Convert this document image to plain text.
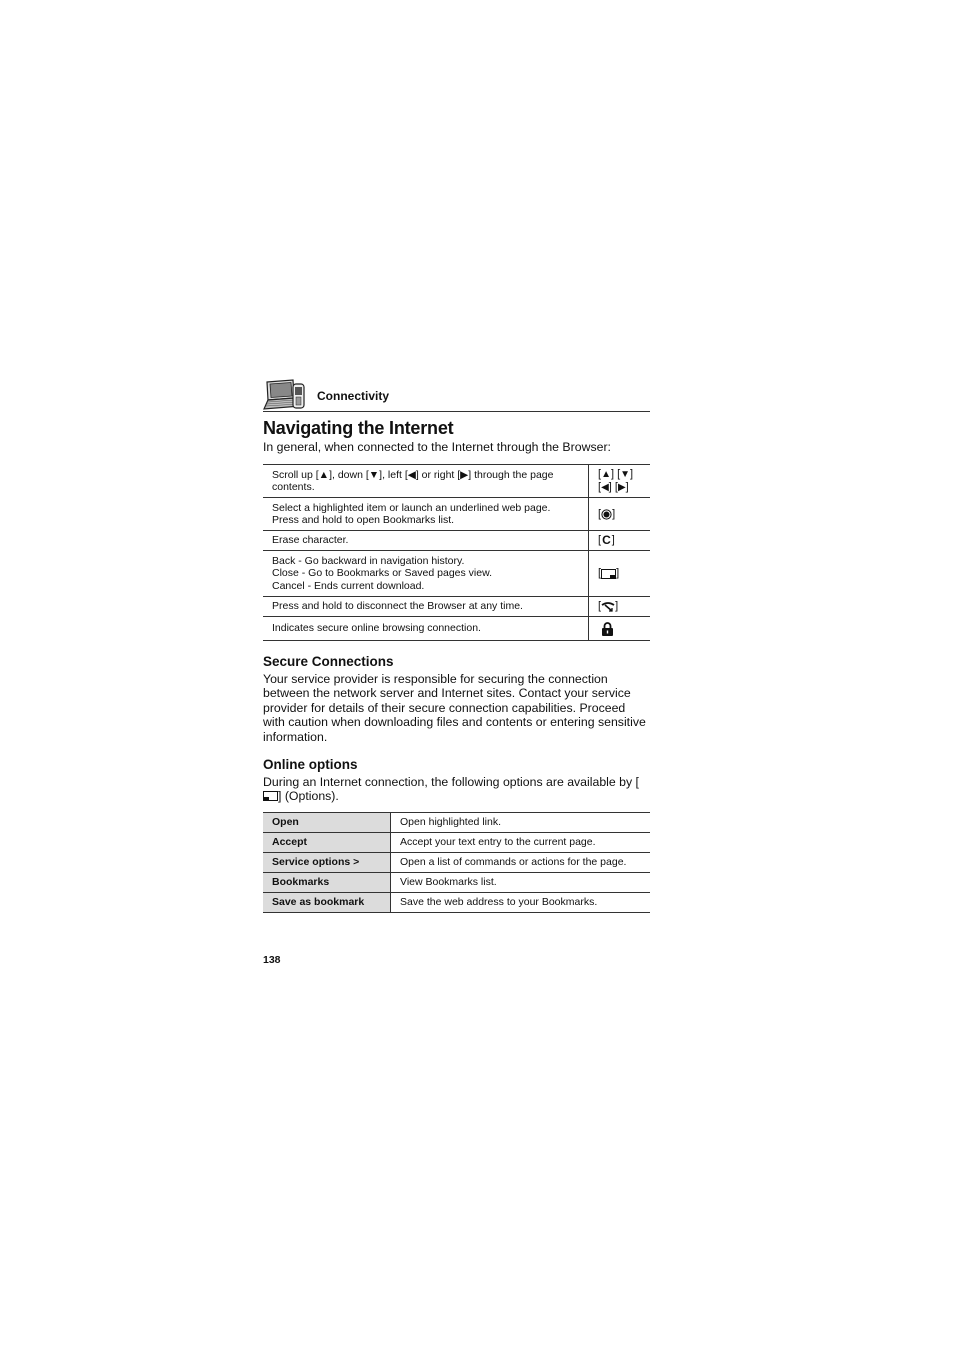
Connectivity
Navigating the Internet
In general, when connected to the Internet through the Browser:
Scroll up [▲], down [▼], left [◀] or right [▶] through the page contents.	[▲] [▼]
[◀] [▶]

Select a highlighted item or launch an underlined web page.
Press and hold to open Bookmarks list.	[ ]

Erase character.	[ C ]

Back - Go backward in navigation history.
Close - Go to Bookmarks or Saved pages view.
Cancel - Ends current download.	[ ]

Press and hold to disconnect the Browser at any time.	[ ]

Indicates secure online browsing connection.

Secure Connections

Your service provider is responsible for securing the connection between the network server and Internet sites. Contact your service provider for details of their secure connection capabilities. Proceed with caution when downloading files and contents or entering sensitive information.

Online options

During an Internet connection, the following options are available by [] (Options).

Open	Open highlighted link.
Accept	Accept your text entry to the current page.
Service options >	Open a list of commands or actions for the page.
Bookmarks	View Bookmarks list.
Save as bookmark	Save the web address to your Bookmarks.
138
